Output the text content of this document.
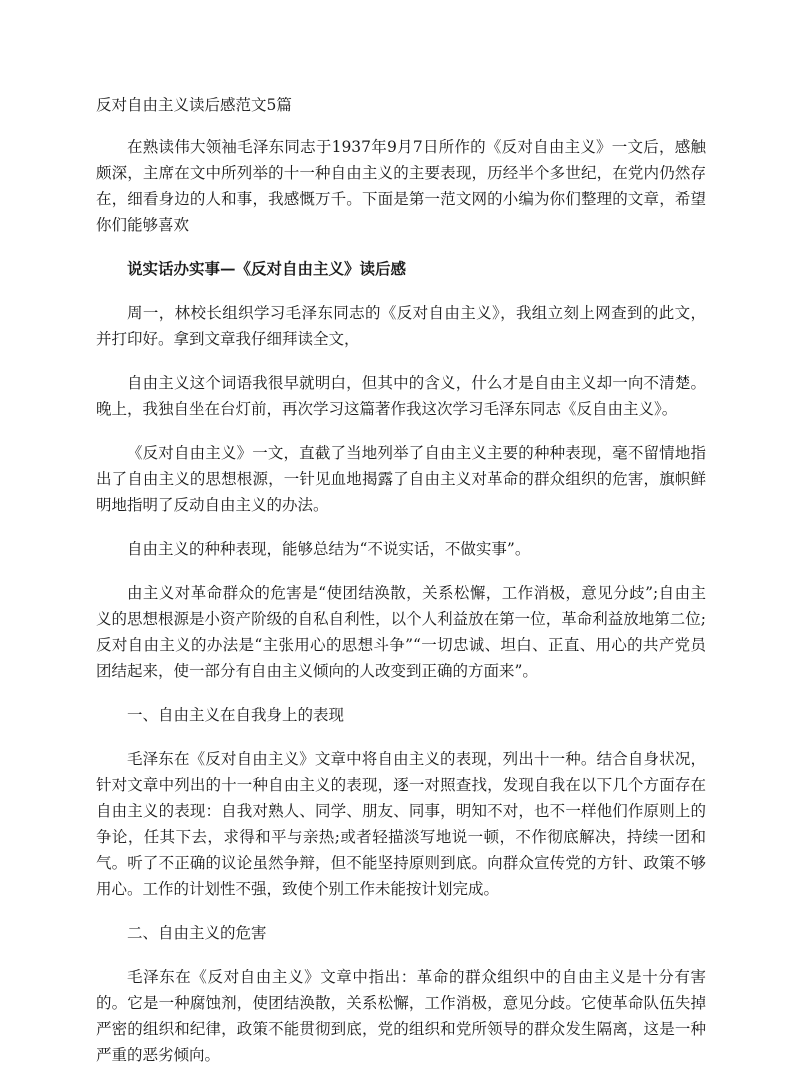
反对自由主义读后感范文5篇

在熟读伟大领袖毛泽东同志于1937年9月7日所作的《反对自由主义》一文后，感触颇深，主席在文中所列举的十一种自由主义的主要表现，历经半个多世纪，在党内仍然存在，细看身边的人和事，我感慨万千。下面是第一范文网的小编为你们整理的文章，希望你们能够喜欢

说实话办实事—《反对自由主义》读后感

周一，林校长组织学习毛泽东同志的《反对自由主义》，我组立刻上网查到的此文，并打印好。拿到文章我仔细拜读全文，

自由主义这个词语我很早就明白，但其中的含义，什么才是自由主义却一向不清楚。晚上，我独自坐在台灯前，再次学习这篇著作我这次学习毛泽东同志《反自由主义》。

《反对自由主义》一文，直截了当地列举了自由主义主要的种种表现，毫不留情地指出了自由主义的思想根源，一针见血地揭露了自由主义对革命的群众组织的危害，旗帜鲜明地指明了反动自由主义的办法。

自由主义的种种表现，能够总结为“不说实话，不做实事”。

由主义对革命群众的危害是“使团结涣散，关系松懈，工作消极，意见分歧”;自由主义的思想根源是小资产阶级的自私自利性，以个人利益放在第一位，革命利益放地第二位;反对自由主义的办法是“主张用心的思想斗争”“一切忠诚、坦白、正直、用心的共产党员团结起来，使一部分有自由主义倾向的人改变到正确的方面来”。

一、自由主义在自我身上的表现

毛泽东在《反对自由主义》文章中将自由主义的表现，列出十一种。结合自身状况，针对文章中列出的十一种自由主义的表现，逐一对照查找，发现自我在以下几个方面存在自由主义的表现：自我对熟人、同学、朋友、同事，明知不对，也不一样他们作原则上的争论，任其下去，求得和平与亲热;或者轻描淡写地说一顿，不作彻底解决，持续一团和气。听了不正确的议论虽然争辩，但不能坚持原则到底。向群众宣传党的方针、政策不够用心。工作的计划性不强，致使个别工作未能按计划完成。

二、自由主义的危害

毛泽东在《反对自由主义》文章中指出：革命的群众组织中的自由主义是十分有害的。它是一种腐蚀剂，使团结涣散，关系松懈，工作消极，意见分歧。它使革命队伍失掉严密的组织和纪律，政策不能贯彻到底，党的组织和党所领导的群众发生隔离，这是一种严重的恶劣倾向。
